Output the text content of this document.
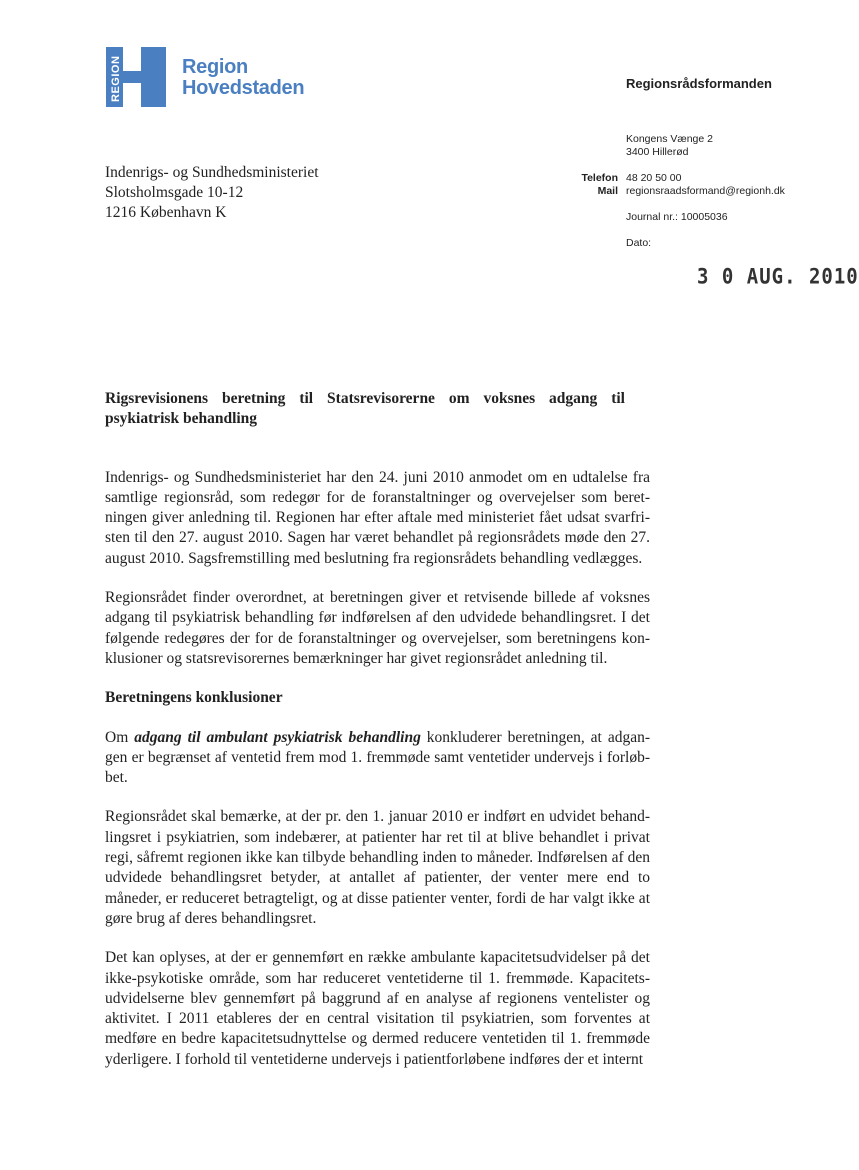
REGION	Region
Hovedstaden	Regionsrådsformanden
Indenrigs- og Sundhedsministeriet
Slotsholmsgade 10-12
1216 København K
Kongens Vænge 2
3400 Hillerød
Telefon 48 20 50 00
Mail regionsraadsformand@regionh.dk
Journal nr.: 10005036
Dato:
3 0 AUG. 2010

Rigsrevisionens beretning til Statsrevisorerne om voksnes adgang til psykiatrisk behandling

Indenrigs- og Sundhedsministeriet har den 24. juni 2010 anmodet om en udtalelse fra samtlige regionsråd, som redegør for de foranstaltninger og overvejelser som beret-ningen giver anledning til. Regionen har efter aftale med ministeriet fået udsat svarfri-sten til den 27. august 2010. Sagen har været behandlet på regionsrådets møde den 27. august 2010. Sagsfremstilling med beslutning fra regionsrådets behandling vedlægges.

Regionsrådet finder overordnet, at beretningen giver et retvisende billede af voksnes adgang til psykiatrisk behandling før indførelsen af den udvidede behandlingsret. I det følgende redegøres der for de foranstaltninger og overvejelser, som beretningens kon-klusioner og statsrevisorernes bemærkninger har givet regionsrådet anledning til.

Beretningens konklusioner

Om adgang til ambulant psykiatrisk behandling konkluderer beretningen, at adgan-gen er begrænset af ventetid frem mod 1. fremmøde samt ventetider undervejs i forløb-bet.

Regionsrådet skal bemærke, at der pr. den 1. januar 2010 er indført en udvidet behand-lingsret i psykiatrien, som indebærer, at patienter har ret til at blive behandlet i privat regi, såfremt regionen ikke kan tilbyde behandling inden to måneder. Indførelsen af den udvidede behandlingsret betyder, at antallet af patienter, der venter mere end to måneder, er reduceret betragteligt, og at disse patienter venter, fordi de har valgt ikke at gøre brug af deres behandlingsret.

Det kan oplyses, at der er gennemført en række ambulante kapacitetsudvidelser på det ikke-psykotiske område, som har reduceret ventetiderne til 1. fremmøde. Kapacitets-udvidelserne blev gennemført på baggrund af en analyse af regionens ventelister og aktivitet. I 2011 etableres der en central visitation til psykiatrien, som forventes at medføre en bedre kapacitetsudnyttelse og dermed reducere ventetiden til 1. fremmøde yderligere. I forhold til ventetiderne undervejs i patientforløbene indføres der et internt
